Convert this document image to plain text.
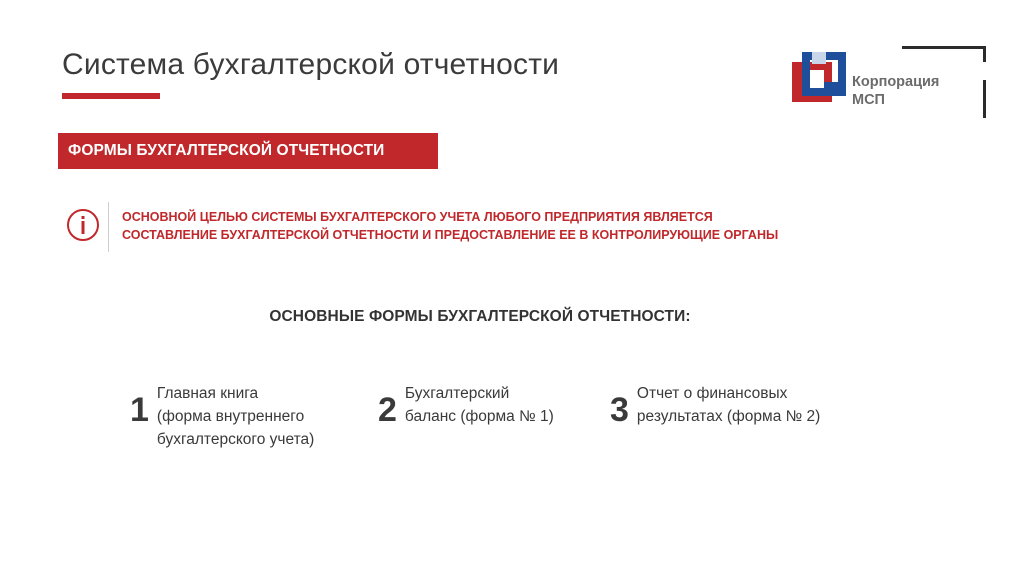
Система бухгалтерской отчетности
Корпорация
МСП
ФОРМЫ БУХГАЛТЕРСКОЙ ОТЧЕТНОСТИ
ОСНОВНОЙ ЦЕЛЬЮ СИСТЕМЫ БУХГАЛТЕРСКОГО УЧЕТА ЛЮБОГО ПРЕДПРИЯТИЯ ЯВЛЯЕТСЯ
СОСТАВЛЕНИЕ БУХГАЛТЕРСКОЙ ОТЧЕТНОСТИ И ПРЕДОСТАВЛЕНИЕ ЕЕ В КОНТРОЛИРУЮЩИЕ ОРГАНЫ
ОСНОВНЫЕ ФОРМЫ БУХГАЛТЕРСКОЙ ОТЧЕТНОСТИ:
1 Главная книга
(форма внутреннего
бухгалтерского учета)
2 Бухгалтерский
баланс (форма № 1) 3 Отчет о финансовых
результатах (форма № 2)
